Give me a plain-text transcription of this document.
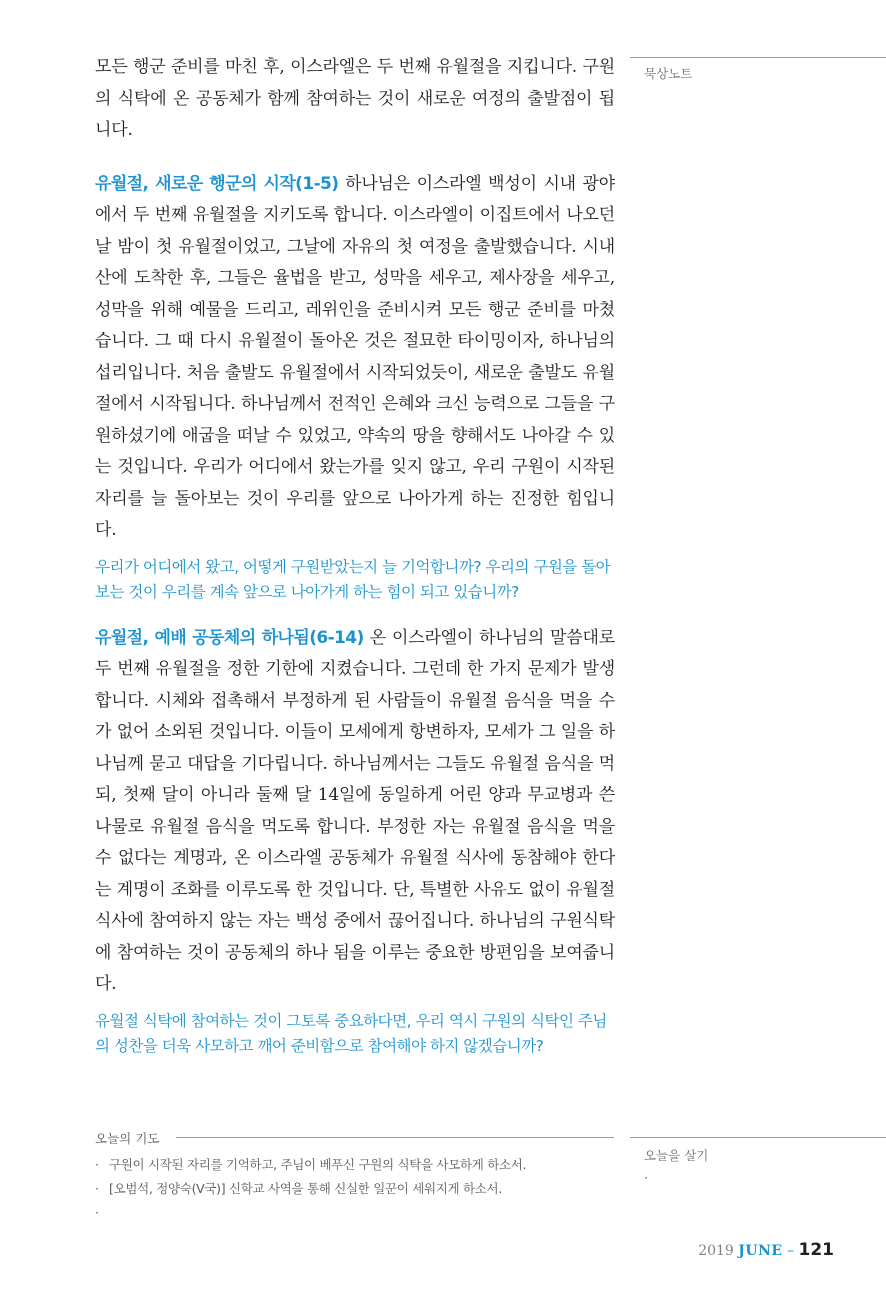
모든 행군 준비를 마친 후, 이스라엘은 두 번째 유월절을 지킵니다. 구원의 식탁에 온 공동체가 함께 참여하는 것이 새로운 여정의 출발점이 됩니다.

유월절, 새로운 행군의 시작(1-5) 하나님은 이스라엘 백성이 시내 광야에서 두 번째 유월절을 지키도록 합니다. 이스라엘이 이집트에서 나오던 날 밤이 첫 유월절이었고, 그날에 자유의 첫 여정을 출발했습니다. 시내산에 도착한 후, 그들은 율법을 받고, 성막을 세우고, 제사장을 세우고, 성막을 위해 예물을 드리고, 레위인을 준비시켜 모든 행군 준비를 마쳤습니다. 그 때 다시 유월절이 돌아온 것은 절묘한 타이밍이자, 하나님의 섭리입니다. 처음 출발도 유월절에서 시작되었듯이, 새로운 출발도 유월절에서 시작됩니다. 하나님께서 전적인 은혜와 크신 능력으로 그들을 구원하셨기에 애굽을 떠날 수 있었고, 약속의 땅을 향해서도 나아갈 수 있는 것입니다. 우리가 어디에서 왔는가를 잊지 않고, 우리 구원이 시작된 자리를 늘 돌아보는 것이 우리를 앞으로 나아가게 하는 진정한 힘입니다.

우리가 어디에서 왔고, 어떻게 구원받았는지 늘 기억합니까? 우리의 구원을 돌아보는 것이 우리를 계속 앞으로 나아가게 하는 힘이 되고 있습니까?

유월절, 예배 공동체의 하나됨(6-14) 온 이스라엘이 하나님의 말씀대로 두 번째 유월절을 정한 기한에 지켰습니다. 그런데 한 가지 문제가 발생합니다. 시체와 접촉해서 부정하게 된 사람들이 유월절 음식을 먹을 수가 없어 소외된 것입니다. 이들이 모세에게 항변하자, 모세가 그 일을 하나님께 묻고 대답을 기다립니다. 하나님께서는 그들도 유월절 음식을 먹되, 첫째 달이 아니라 둘째 달 14일에 동일하게 어린 양과 무교병과 쓴나물로 유월절 음식을 먹도록 합니다. 부정한 자는 유월절 음식을 먹을 수 없다는 계명과, 온 이스라엘 공동체가 유월절 식사에 동참해야 한다는 계명이 조화를 이루도록 한 것입니다. 단, 특별한 사유도 없이 유월절 식사에 참여하지 않는 자는 백성 중에서 끊어집니다. 하나님의 구원식탁에 참여하는 것이 공동체의 하나 됨을 이루는 중요한 방편임을 보여줍니다.

유월절 식탁에 참여하는 것이 그토록 중요하다면, 우리 역시 구원의 식탁인 주님의 성찬을 더욱 사모하고 깨어 준비함으로 참여해야 하지 않겠습니까?

묵상노트
오늘의 기도
· 구원이 시작된 자리를 기억하고, 주님이 베푸신 구원의 식탁을 사모하게 하소서.
· [오범석, 정양숙(V국)] 신학교 사역을 통해 신실한 일꾼이 세워지게 하소서.
·
오늘을 살기
·
2019 JUNE – 121
